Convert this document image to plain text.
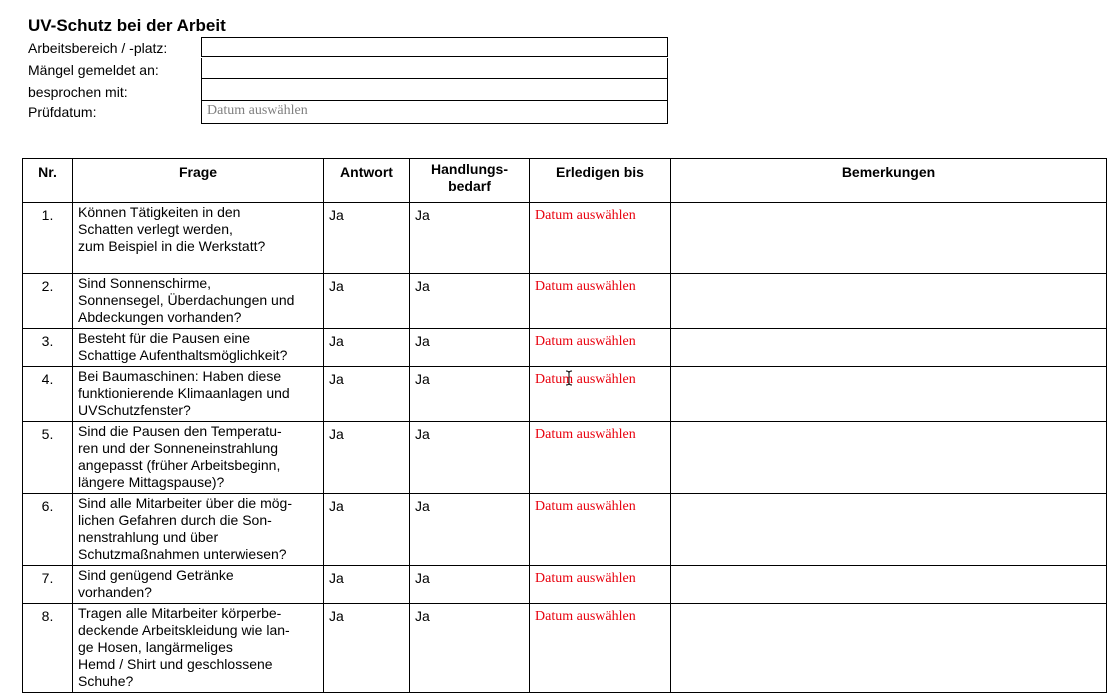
UV-Schutz bei der Arbeit
Arbeitsbereich / -platz:
Mängel gemeldet an:
besprochen mit:
Prüfdatum:	Datum auswählen
Nr.	Frage	Antwort	Handlungs-
bedarf	Erledigen bis	Bemerkungen
1.	Können Tätigkeiten in den
Schatten verlegt werden,
zum Beispiel in die Werkstatt?	Ja	Ja	Datum auswählen	
2.	Sind Sonnenschirme,
Sonnensegel, Überdachungen und
Abdeckungen vorhanden?	Ja	Ja	Datum auswählen	
3.	Besteht für die Pausen eine
Schattige Aufenthaltsmöglichkeit?	Ja	Ja	Datum auswählen	
4.	Bei Baumaschinen: Haben diese
funktionierende Klimaanlagen und
UVSchutzfenster?	Ja	Ja	Datum auswählen	
5.	Sind die Pausen den Temperatu-
ren und der Sonneneinstrahlung
angepasst (früher Arbeitsbeginn,
längere Mittagspause)?	Ja	Ja	Datum auswählen	
6.	Sind alle Mitarbeiter über die mög-
lichen Gefahren durch die Son-
nenstrahlung und über
Schutzmaßnahmen unterwiesen?	Ja	Ja	Datum auswählen	
7.	Sind genügend Getränke
vorhanden?	Ja	Ja	Datum auswählen	
8.	Tragen alle Mitarbeiter körperbe-
deckende Arbeitskleidung wie lan-
ge Hosen, langärmeliges
Hemd / Shirt und geschlossene
Schuhe?	Ja	Ja	Datum auswählen	
